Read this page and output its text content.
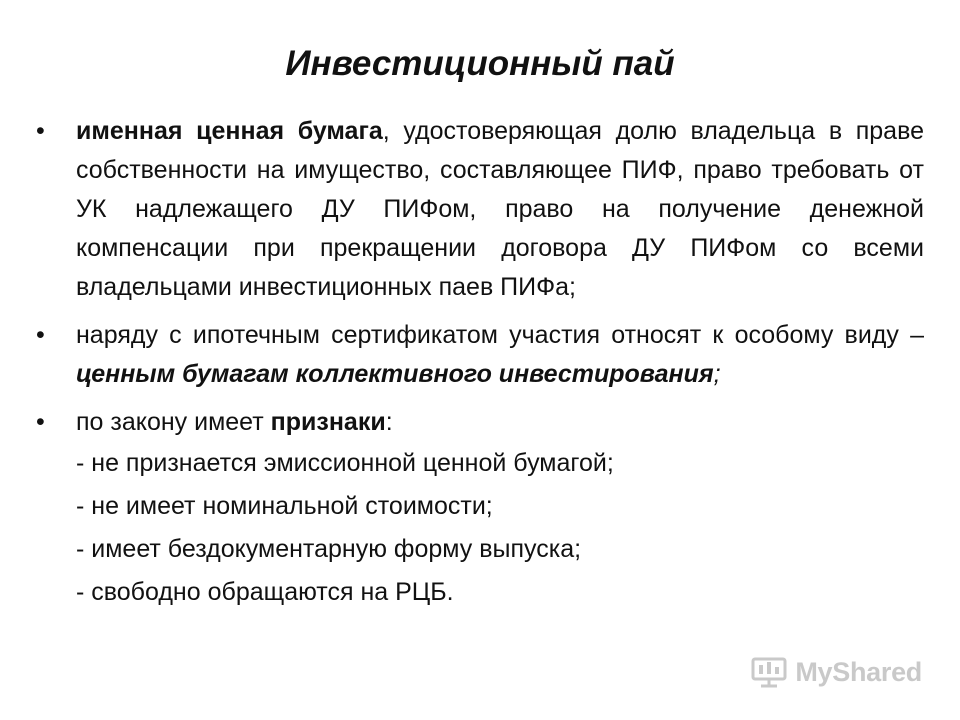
Инвестиционный пай

• именная ценная бумага, удостоверяющая долю владельца в праве собственности на имущество, составляющее ПИФ, право требовать от УК надлежащего ДУ ПИФом, право на получение денежной компенсации при прекращении договора ДУ ПИФом со всеми владельцами инвестиционных паев ПИФа;

• наряду с ипотечным сертификатом участия относят к особому виду – ценным бумагам коллективного инвестирования;

• по закону имеет признаки:

- не признается эмиссионной ценной бумагой;

- не имеет номинальной стоимости;

- имеет бездокументарную форму выпуска;

- свободно обращаются на РЦБ.

MyShared
